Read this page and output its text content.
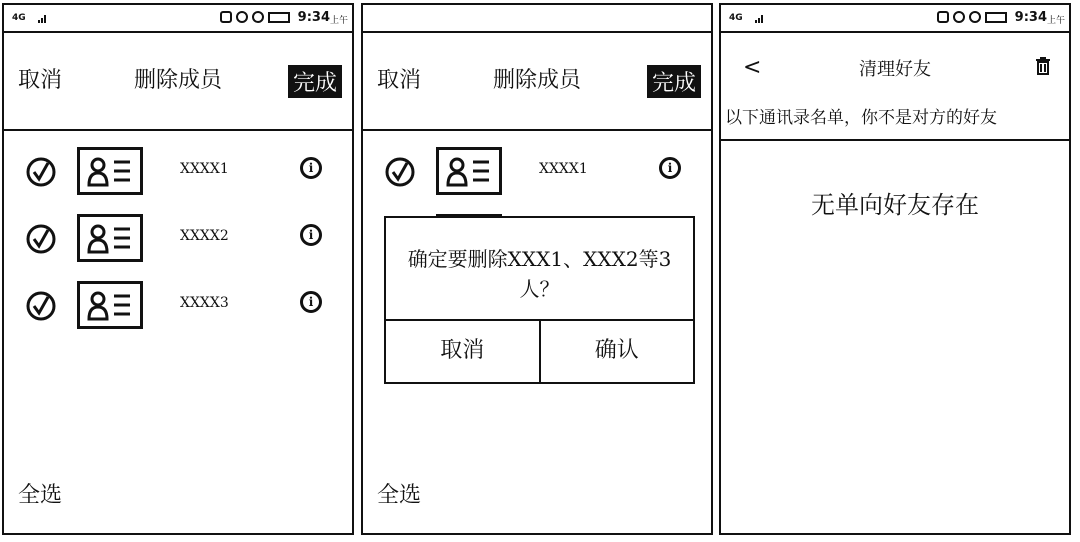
4G	9:34 上午
取消	删除成员	完成
XXXX1	i
XXXX2	i
XXXX3	i
全选
取消	删除成员	完成
XXXX1	i
确定要删除XXX1、XXX2等3人？
取消	确认
全选
4G	9:34 上午
<	清理好友
以下通讯录名单，你不是对方的好友
无单向好友存在
